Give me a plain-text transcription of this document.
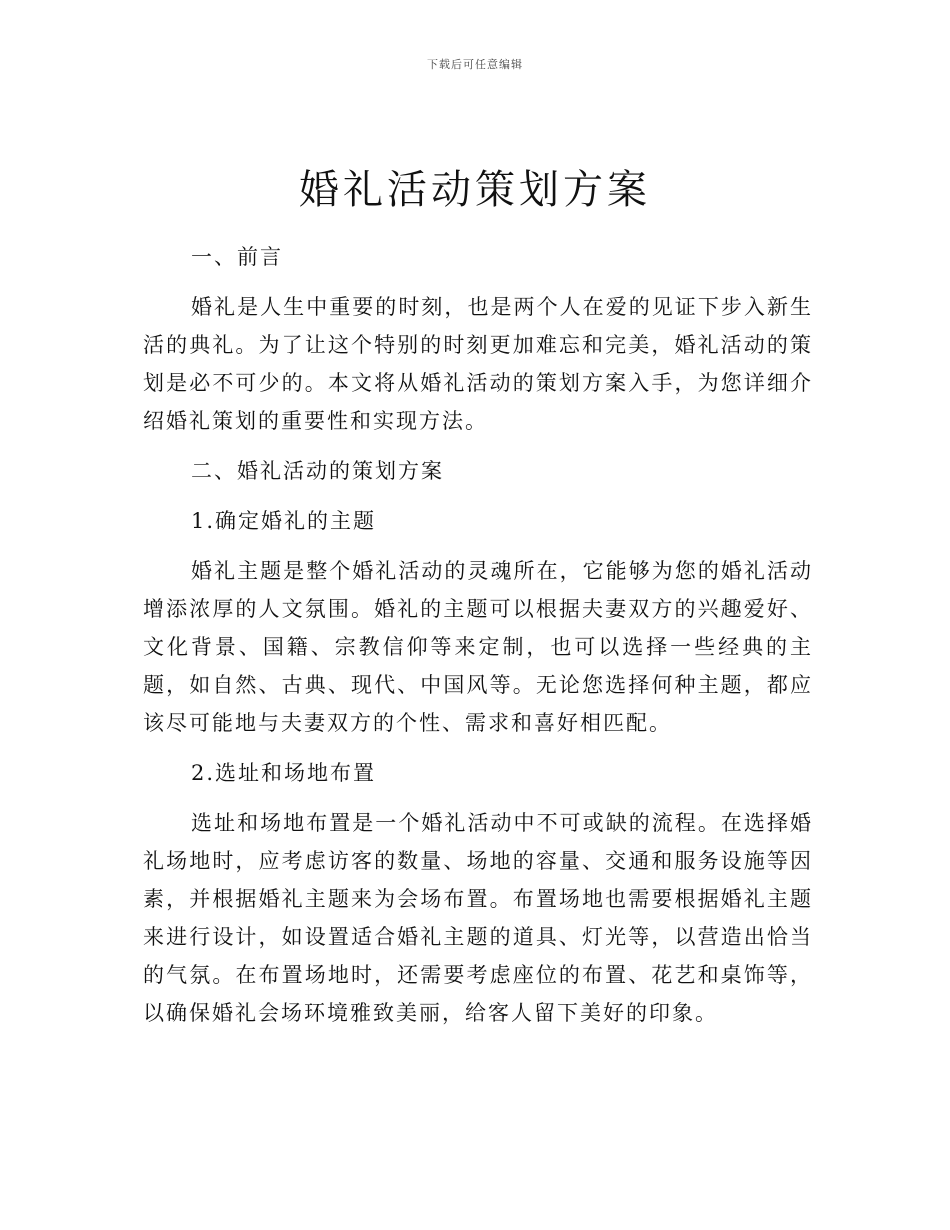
下载后可任意编辑
婚礼活动策划方案

一、前言

婚礼是人生中重要的时刻，也是两个人在爱的见证下步入新生活的典礼。为了让这个特别的时刻更加难忘和完美，婚礼活动的策划是必不可少的。本文将从婚礼活动的策划方案入手，为您详细介绍婚礼策划的重要性和实现方法。

二、婚礼活动的策划方案

1.确定婚礼的主题

婚礼主题是整个婚礼活动的灵魂所在，它能够为您的婚礼活动增添浓厚的人文氛围。婚礼的主题可以根据夫妻双方的兴趣爱好、文化背景、国籍、宗教信仰等来定制，也可以选择一些经典的主题，如自然、古典、现代、中国风等。无论您选择何种主题，都应该尽可能地与夫妻双方的个性、需求和喜好相匹配。

2.选址和场地布置

选址和场地布置是一个婚礼活动中不可或缺的流程。在选择婚礼场地时，应考虑访客的数量、场地的容量、交通和服务设施等因素，并根据婚礼主题来为会场布置。布置场地也需要根据婚礼主题来进行设计，如设置适合婚礼主题的道具、灯光等，以营造出恰当的气氛。在布置场地时，还需要考虑座位的布置、花艺和桌饰等，以确保婚礼会场环境雅致美丽，给客人留下美好的印象。
